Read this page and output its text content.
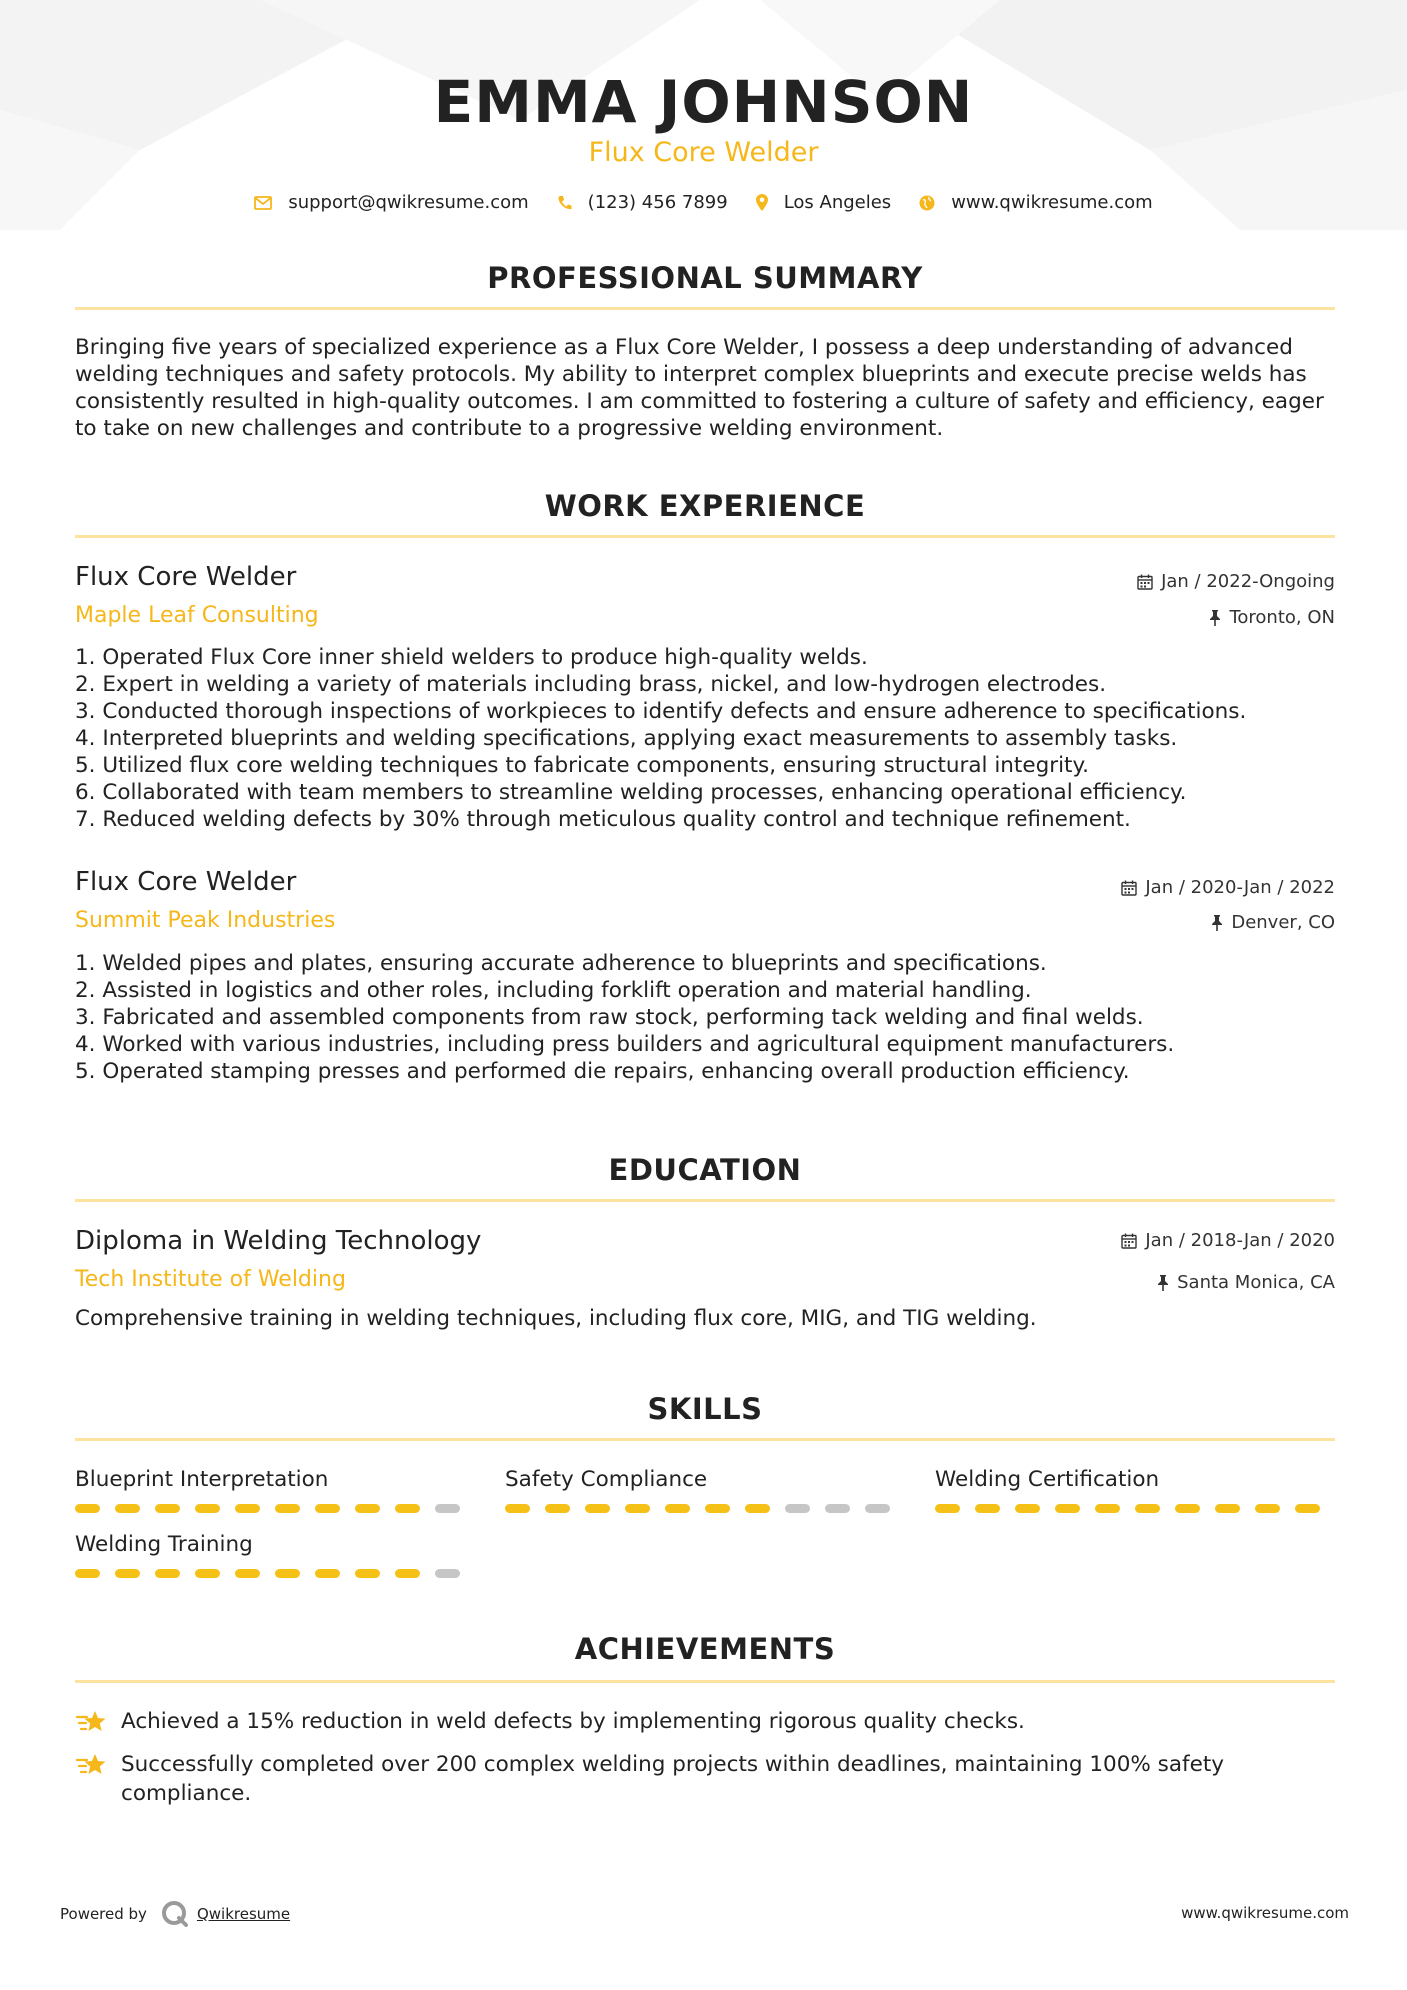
EMMA JOHNSON
Flux Core Welder
support@qwikresume.com	(123) 456 7899	Los Angeles	www.qwikresume.com
PROFESSIONAL SUMMARY
Bringing five years of specialized experience as a Flux Core Welder, I possess a deep understanding of advanced welding techniques and safety protocols. My ability to interpret complex blueprints and execute precise welds has consistently resulted in high-quality outcomes. I am committed to fostering a culture of safety and efficiency, eager to take on new challenges and contribute to a progressive welding environment.
WORK EXPERIENCE
Flux Core Welder
Maple Leaf Consulting
Jan / 2022-Ongoing
Toronto, ON
1. Operated Flux Core inner shield welders to produce high-quality welds.
2. Expert in welding a variety of materials including brass, nickel, and low-hydrogen electrodes.
3. Conducted thorough inspections of workpieces to identify defects and ensure adherence to specifications.
4. Interpreted blueprints and welding specifications, applying exact measurements to assembly tasks.
5. Utilized flux core welding techniques to fabricate components, ensuring structural integrity.
6. Collaborated with team members to streamline welding processes, enhancing operational efficiency.
7. Reduced welding defects by 30% through meticulous quality control and technique refinement.
Flux Core Welder
Summit Peak Industries
Jan / 2020-Jan / 2022
Denver, CO
1. Welded pipes and plates, ensuring accurate adherence to blueprints and specifications.
2. Assisted in logistics and other roles, including forklift operation and material handling.
3. Fabricated and assembled components from raw stock, performing tack welding and final welds.
4. Worked with various industries, including press builders and agricultural equipment manufacturers.
5. Operated stamping presses and performed die repairs, enhancing overall production efficiency.
EDUCATION
Diploma in Welding Technology
Tech Institute of Welding
Jan / 2018-Jan / 2020
Santa Monica, CA
Comprehensive training in welding techniques, including flux core, MIG, and TIG welding.
SKILLS
Blueprint Interpretation	Safety Compliance	Welding Certification
Welding Training
ACHIEVEMENTS
Achieved a 15% reduction in weld defects by implementing rigorous quality checks.
Successfully completed over 200 complex welding projects within deadlines, maintaining 100% safety compliance.
Powered by	Qwikresume	www.qwikresume.com
